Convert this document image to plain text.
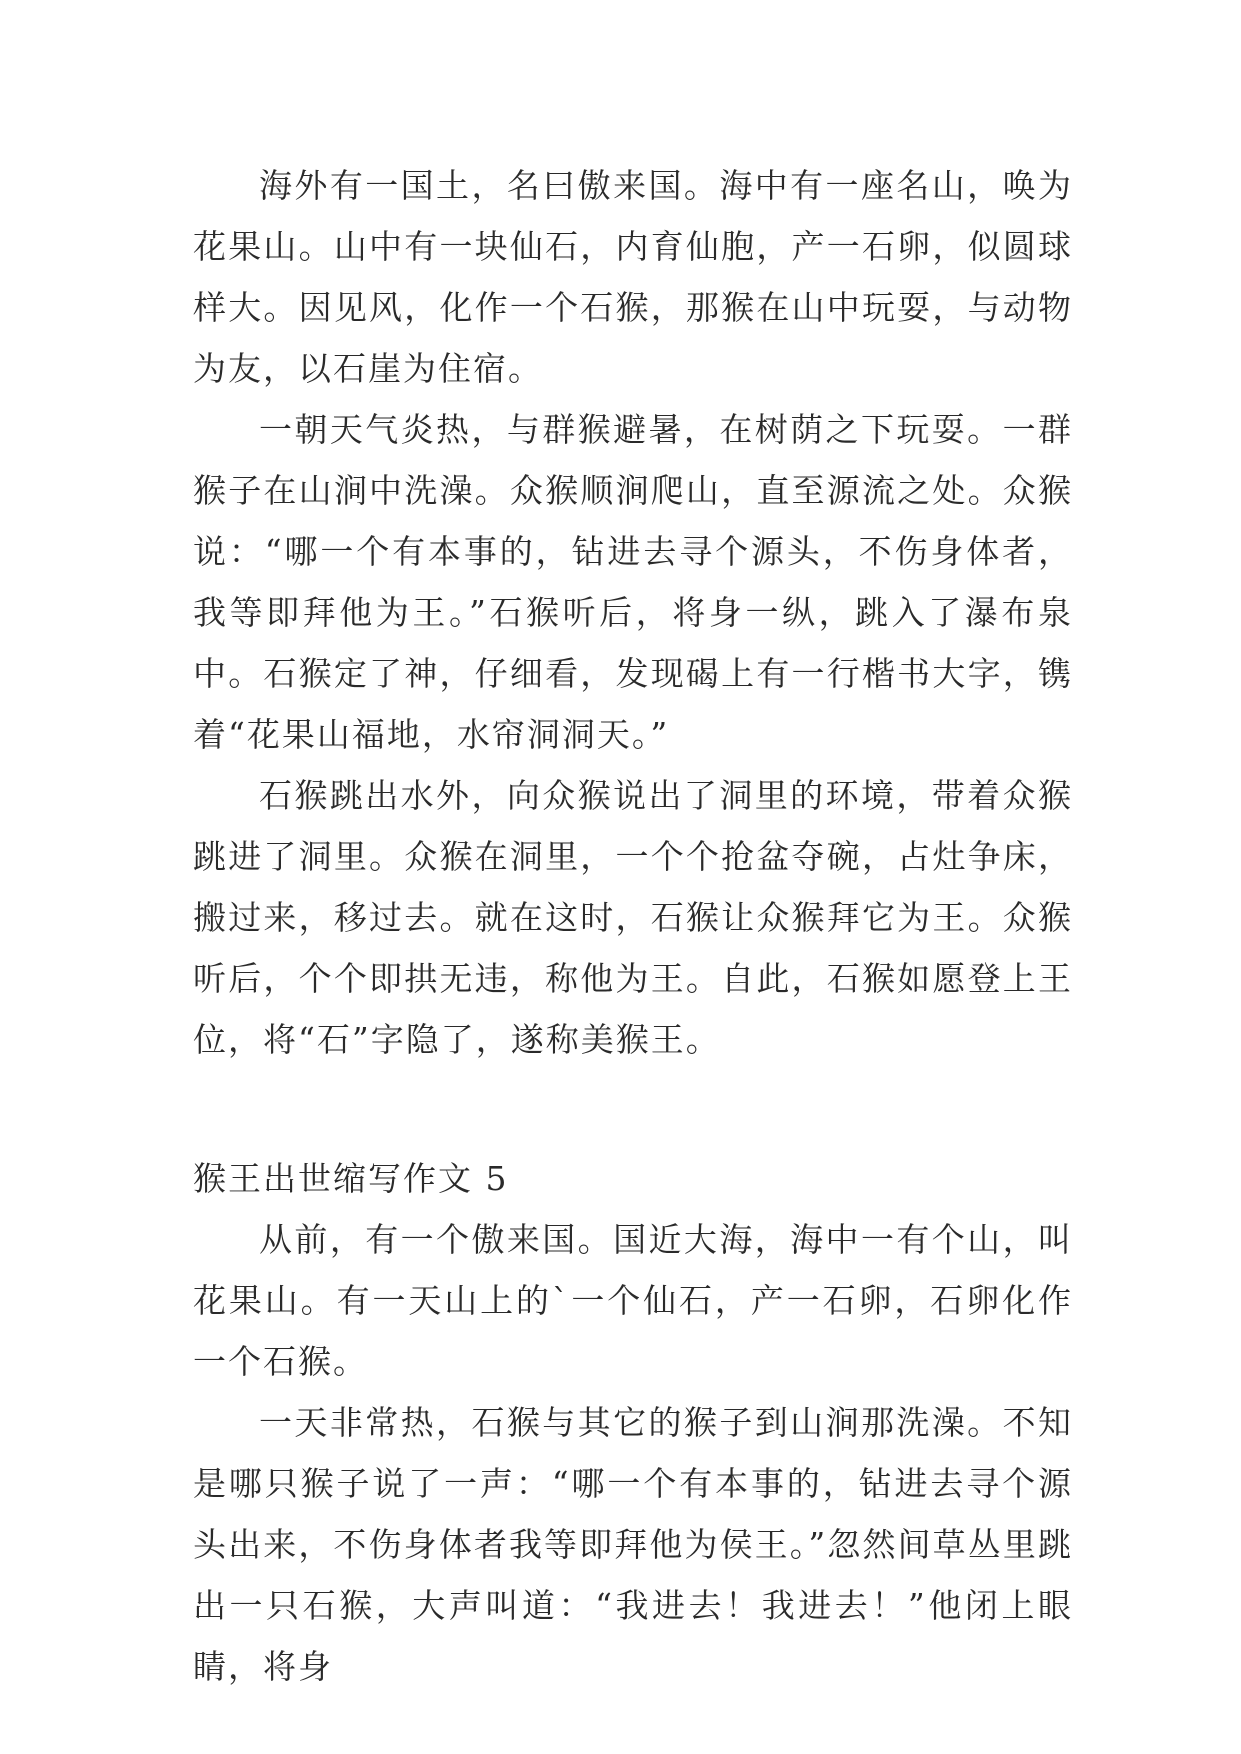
海外有一国土，名曰傲来国。海中有一座名山，唤为花果山。山中有一块仙石，内育仙胞，产一石卵，似圆球样大。因见风，化作一个石猴，那猴在山中玩耍，与动物为友，以石崖为住宿。

一朝天气炎热，与群猴避暑，在树荫之下玩耍。一群猴子在山涧中洗澡。众猴顺涧爬山，直至源流之处。众猴说：“哪一个有本事的，钻进去寻个源头，不伤身体者，我等即拜他为王。”石猴听后，将身一纵，跳入了瀑布泉中。石猴定了神，仔细看，发现碣上有一行楷书大字，镌着“花果山福地，水帘洞洞天。”

石猴跳出水外，向众猴说出了洞里的环境，带着众猴跳进了洞里。众猴在洞里，一个个抢盆夺碗，占灶争床，搬过来，移过去。就在这时，石猴让众猴拜它为王。众猴听后，个个即拱无违，称他为王。自此，石猴如愿登上王位，将“石”字隐了，遂称美猴王。

猴王出世缩写作文 5

从前，有一个傲来国。国近大海，海中一有个山，叫花果山。有一天山上的`一个仙石，产一石卵，石卵化作一个石猴。

一天非常热，石猴与其它的猴子到山涧那洗澡。不知是哪只猴子说了一声：“哪一个有本事的，钻进去寻个源头出来，不伤身体者我等即拜他为侯王。”忽然间草丛里跳出一只石猴，大声叫道：“我进去！我进去！”他闭上眼睛，将身
